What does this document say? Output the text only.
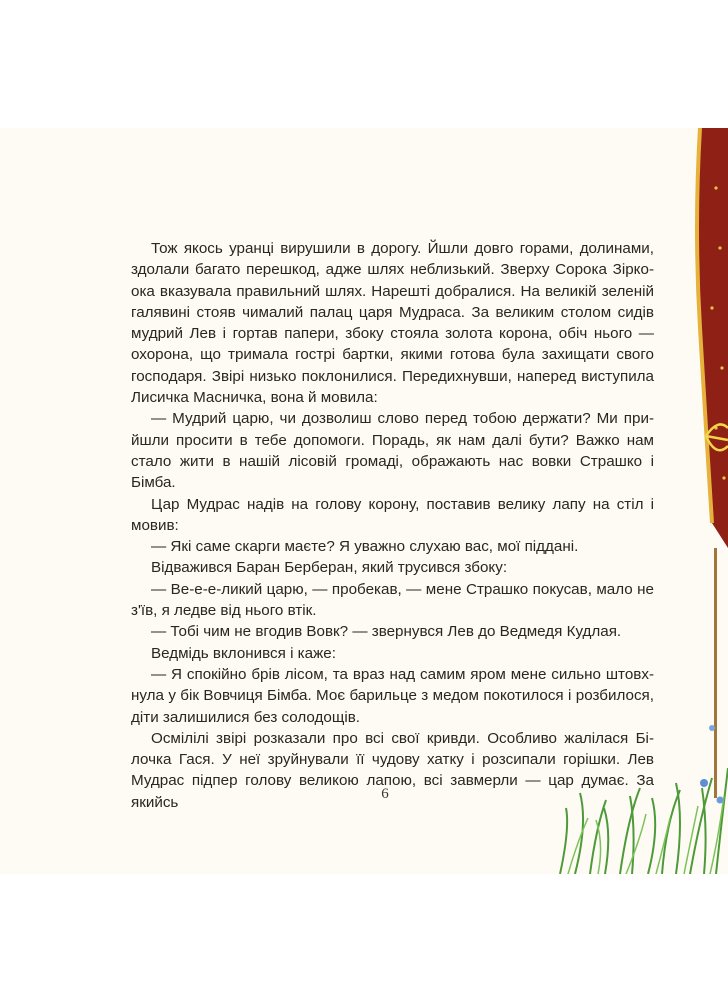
Тож якось уранці вирушили в дорогу. Йшли довго горами, долинами, здолали багато перешкод, адже шлях неблизький. Зверху Сорока Зіркоока вказувала правильний шлях. Нарешті добралися. На великій зеленій галявині стояв чималий палац царя Мудраса. За великим столом сидів мудрий Лев і гортав папери, збоку стояла золота корона, обіч нього — охорона, що тримала гострі бартки, якими готова була захищати свого господаря. Звірі низько поклонилися. Передихнувши, наперед виступила Лисичка Масничка, вона й мовила:

— Мудрий царю, чи дозволиш слово перед тобою держати? Ми прийшли просити в тебе допомоги. Порадь, як нам далі бути? Важко нам стало жити в нашій лісовій громаді, ображають нас вовки Страшко і Бімба.

Цар Мудрас надів на голову корону, поставив велику лапу на стіл і мовив:

— Які саме скарги маєте? Я уважно слухаю вас, мої піддані.

Відважився Баран Берберан, який трусився збоку:

— Ве-е-е-ликий царю, — пробекав, — мене Страшко покусав, мало не з'їв, я ледве від нього втік.

— Тобі чим не вгодив Вовк? — звернувся Лев до Ведмедя Кудлая.

Ведмідь вклонився і каже:

— Я спокійно брів лісом, та враз над самим яром мене сильно штовхнула у бік Вовчиця Бімба. Моє барильце з медом покотилося і розбилося, діти залишилися без солодощів.

Осмілілі звірі розказали про всі свої кривди. Особливо жалілася Білочка Гася. У неї зруйнували її чудову хатку і розсипали горішки. Лев Мудрас підпер голову великою лапою, всі завмерли — цар думає. За якийсь	6
